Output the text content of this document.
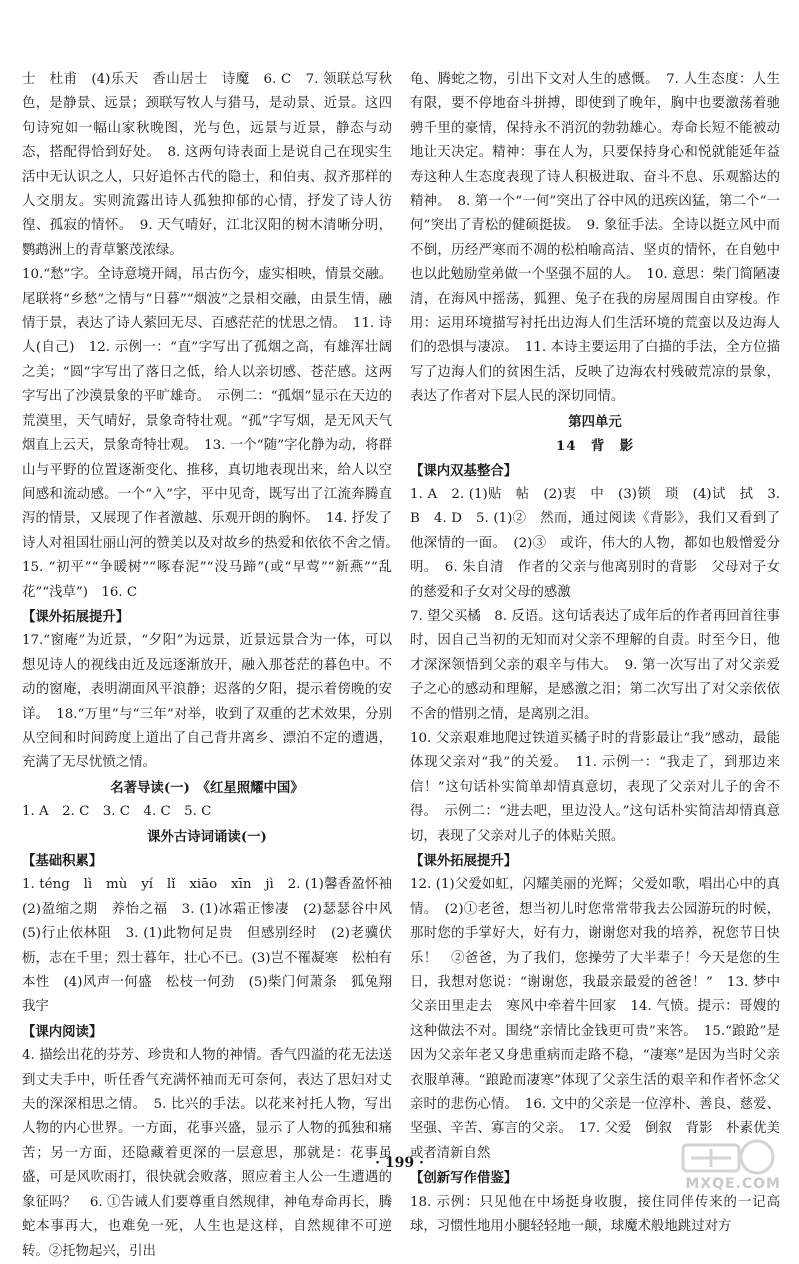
士　杜甫　(4)乐天　香山居士　诗魔　6. C　7. 领联总写秋色，是静景、远景；颈联写牧人与猎马，是动景、近景。这四句诗宛如一幅山家秋晚图，光与色，远景与近景，静态与动态，搭配得恰到好处。　8. 这两句诗表面上是说自己在现实生活中无认识之人，只好追怀古代的隐士，和伯夷、叔齐那样的人交朋友。实则流露出诗人孤独抑郁的心情，抒发了诗人彷徨、孤寂的情怀。　9. 天气晴好，江北汉阳的树木清晰分明，鹦鹉洲上的青草繁茂浓绿。

10.“愁”字。全诗意境开阔，吊古伤今，虚实相映，情景交融。尾联将“乡愁”之情与“日暮”“烟波”之景相交融，由景生情，融情于景，表达了诗人萦回无尽、百感茫茫的忧思之情。　11. 诗人(自己)　12. 示例一：“直”字写出了孤烟之高，有雄浑壮阔之美；“圆”字写出了落日之低，给人以亲切感、苍茫感。这两字写出了沙漠景象的平旷雄奇。　示例二：“孤烟”显示在天边的荒漠里，天气晴好，景象奇特壮观。“孤”字写烟，是无风天气烟直上云天，景象奇特壮观。　13. 一个“随”字化静为动，将群山与平野的位置逐渐变化、推移，真切地表现出来，给人以空间感和流动感。一个“入”字，平中见奇，既写出了江流奔腾直泻的情景，又展现了作者激越、乐观开朗的胸怀。　14. 抒发了诗人对祖国壮丽山河的赞美以及对故乡的热爱和依依不舍之情。　15. “初平”“争暖树”“啄春泥”“没马蹄”(或“早莺”“新燕”“乱花”“浅草”)　16. C

【课外拓展提升】

17.“窗庵”为近景，“夕阳”为远景，近景远景合为一体，可以想见诗人的视线由近及远逐渐放开，融入那苍茫的暮色中。不动的窗庵，表明湖面风平浪静；迟落的夕阳，提示着傍晚的安详。　18.“万里”与“三年”对举，收到了双重的艺术效果，分别从空间和时间跨度上道出了自己背井离乡、漂泊不定的遭遇，充满了无尽忧愤之情。

名著导读(一)　《红星照耀中国》

1. A　2. C　3. C　4. C　5. C

课外古诗词诵读(一)

【基础积累】

1. téng　lì　mù　yí　lǐ　xiāo　xīn　jì　2. (1)馨香盈怀袖　(2)盈缩之期　养怡之福　3. (1)冰霜正惨凄　(2)瑟瑟谷中风　(5)行止依林阻　3. (1)此物何足贵　但感别经时　(2)老骥伏枥，志在千里；烈士暮年，壮心不已。(3)岂不罹凝寒　松柏有本性　(4)风声一何盛　松枝一何劲　(5)柴门何萧条　狐兔翔我宇

【课内阅读】

4. 描绘出花的芬芳、珍贵和人物的神情。香气四溢的花无法送到丈夫手中，听任香气充满怀袖而无可奈何，表达了思妇对丈夫的深深相思之情。　5. 比兴的手法。以花来衬托人物，写出人物的内心世界。一方面，花事兴盛，显示了人物的孤独和痛苦；另一方面，还隐藏着更深的一层意思，那就是：花事虽盛，可是风吹雨打，很快就会败落，照应着主人公一生遭遇的象征吗？　6. ①告诫人们要尊重自然规律，神龟寿命再长，腾蛇本事再大，也难免一死，人生也是这样，自然规律不可逆转。②托物起兴，引出

龟、腾蛇之物，引出下文对人生的感慨。　7. 人生态度：人生有限，要不停地奋斗拼搏，即使到了晚年，胸中也要激荡着驰骋千里的豪情，保持永不消沉的勃勃雄心。寿命长短不能被动地让天决定。精神：事在人为，只要保持身心和悦就能延年益寿这种人生态度表现了诗人积极进取、奋斗不息、乐观豁达的精神。　8. 第一个“一何”突出了谷中风的迅疾凶猛，第二个“一何”突出了青松的健硕挺拔。　9. 象征手法。全诗以挺立风中而不倒，历经严寒而不凋的松柏喻高洁、坚贞的情怀，在自勉中也以此勉励堂弟做一个坚强不屈的人。　10. 意思：柴门简陋凄清，在海风中摇荡，狐狸、兔子在我的房屋周围自由穿梭。作用：运用环境描写衬托出边海人们生活环境的荒蛮以及边海人们的恐惧与凄凉。　11. 本诗主要运用了白描的手法，全方位描写了边海人们的贫困生活，反映了边海农村残破荒凉的景象，表达了作者对下层人民的深切同情。

第四单元

14　背　影

【课内双基整合】

1. A　2. (1)贴　帖　(2)衷　中　(3)锁　琐　(4)试　拭　3. B　4. D　5. (1)②　然而，通过阅读《背影》，我们又看到了他深情的一面。　(2)③　或许，伟大的人物，都如也般憎爱分明。　6. 朱自清　作者的父亲与他离别时的背影　父母对子女的慈爱和子女对父母的感激

7. 望父买橘　8. 反语。这句话表达了成年后的作者再回首往事时，因自己当初的无知而对父亲不理解的自责。时至今日，他才深深领悟到父亲的艰辛与伟大。　9. 第一次写出了对父亲爱子之心的感动和理解，是感激之泪；第二次写出了对父亲依依不舍的惜别之情，是离别之泪。

10. 父亲艰难地爬过铁道买橘子时的背影最让“我”感动，最能体现父亲对“我”的关爱。　11. 示例一：“我走了，到那边来信！”这句话朴实简单却情真意切，表现了父亲对儿子的舍不得。　示例二：“进去吧，里边没人。”这句话朴实简洁却情真意切，表现了父亲对儿子的体贴关照。

【课外拓展提升】

12. (1)父爱如虹，闪耀美丽的光辉；父爱如歌，唱出心中的真情。　(2)①老爸，想当初儿时您常常带我去公园游玩的时候，那时您的手掌好大，好有力，谢谢您对我的培养，祝您节日快乐！　②爸爸，为了我们，您操劳了大半辈子！今天是您的生日，我想对您说：“谢谢您，我最亲最爱的爸爸！”　13. 梦中父亲田里走去　寒风中牵着牛回家　14. 气愤。提示：哥嫂的这种做法不对。围绕“亲情比金钱更可贵”来答。　15.“踉跄”是因为父亲年老又身患重病而走路不稳，“凄寒”是因为当时父亲衣服单薄。“踉跄而凄寒”体现了父亲生活的艰辛和作者怀念父亲时的悲伤心情。　16. 文中的父亲是一位淳朴、善良、慈爱、坚强、辛苦、寡言的父亲。　17. 父爱　倒叙　背影　朴素优美或者清新自然

【创新写作借鉴】

18. 示例：只见他在中场挺身收腹，接住同伴传来的一记高球，习惯性地用小腿轻轻地一颠，球魔术般地跳过对方

· 199 ·
MXQE.COM
